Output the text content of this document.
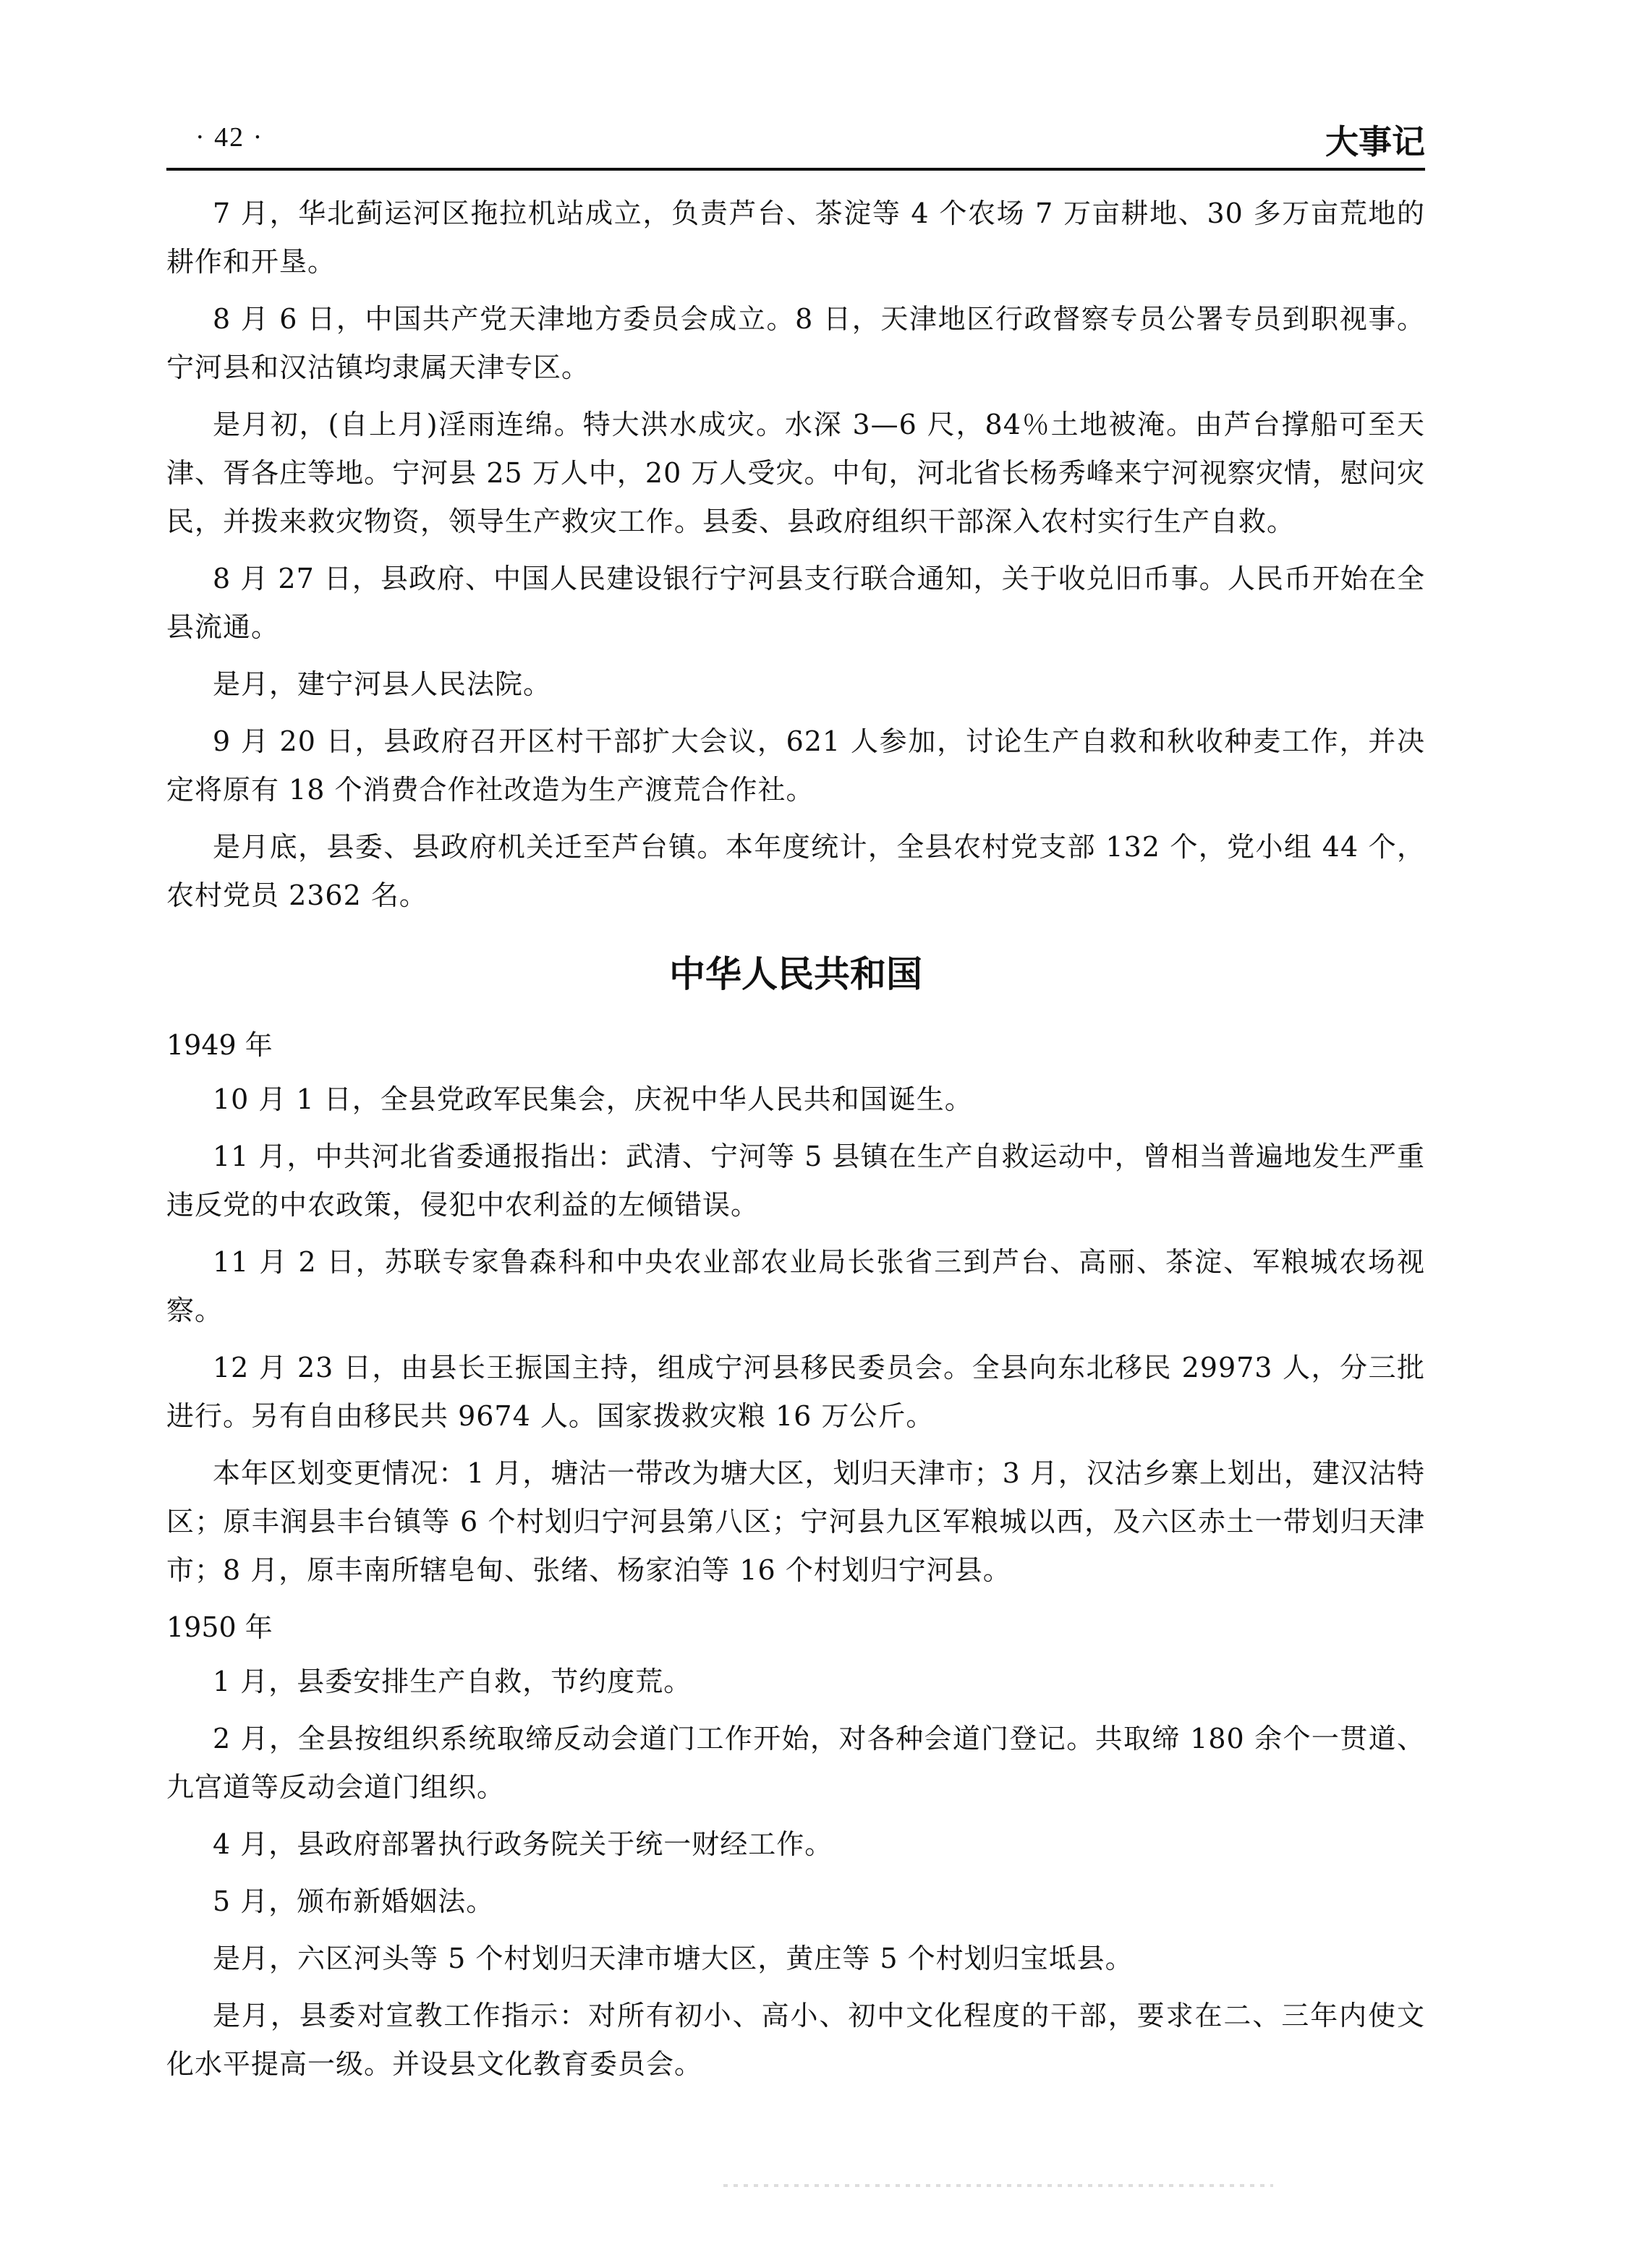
· 42 ·	大事记

7 月，华北蓟运河区拖拉机站成立，负责芦台、茶淀等 4 个农场 7 万亩耕地、30 多万亩荒地的耕作和开垦。

8 月 6 日，中国共产党天津地方委员会成立。8 日，天津地区行政督察专员公署专员到职视事。宁河县和汉沽镇均隶属天津专区。

是月初，(自上月)淫雨连绵。特大洪水成灾。水深 3—6 尺，84％土地被淹。由芦台撑船可至天津、胥各庄等地。宁河县 25 万人中，20 万人受灾。中旬，河北省长杨秀峰来宁河视察灾情，慰问灾民，并拨来救灾物资，领导生产救灾工作。县委、县政府组织干部深入农村实行生产自救。

8 月 27 日，县政府、中国人民建设银行宁河县支行联合通知，关于收兑旧币事。人民币开始在全县流通。

是月，建宁河县人民法院。

9 月 20 日，县政府召开区村干部扩大会议，621 人参加，讨论生产自救和秋收种麦工作，并决定将原有 18 个消费合作社改造为生产渡荒合作社。

是月底，县委、县政府机关迁至芦台镇。本年度统计，全县农村党支部 132 个，党小组 44 个，农村党员 2362 名。

中华人民共和国
1949 年

10 月 1 日，全县党政军民集会，庆祝中华人民共和国诞生。

11 月，中共河北省委通报指出：武清、宁河等 5 县镇在生产自救运动中，曾相当普遍地发生严重违反党的中农政策，侵犯中农利益的左倾错误。

11 月 2 日，苏联专家鲁森科和中央农业部农业局长张省三到芦台、高丽、茶淀、军粮城农场视察。

12 月 23 日，由县长王振国主持，组成宁河县移民委员会。全县向东北移民 29973 人，分三批进行。另有自由移民共 9674 人。国家拨救灾粮 16 万公斤。

本年区划变更情况：1 月，塘沽一带改为塘大区，划归天津市；3 月，汉沽乡寨上划出，建汉沽特区；原丰润县丰台镇等 6 个村划归宁河县第八区；宁河县九区军粮城以西，及六区赤土一带划归天津市；8 月，原丰南所辖皂甸、张绪、杨家泊等 16 个村划归宁河县。

1950 年

1 月，县委安排生产自救，节约度荒。

2 月，全县按组织系统取缔反动会道门工作开始，对各种会道门登记。共取缔 180 余个一贯道、九宫道等反动会道门组织。

4 月，县政府部署执行政务院关于统一财经工作。

5 月，颁布新婚姻法。

是月，六区河头等 5 个村划归天津市塘大区，黄庄等 5 个村划归宝坻县。

是月，县委对宣教工作指示：对所有初小、高小、初中文化程度的干部，要求在二、三年内使文化水平提高一级。并设县文化教育委员会。
